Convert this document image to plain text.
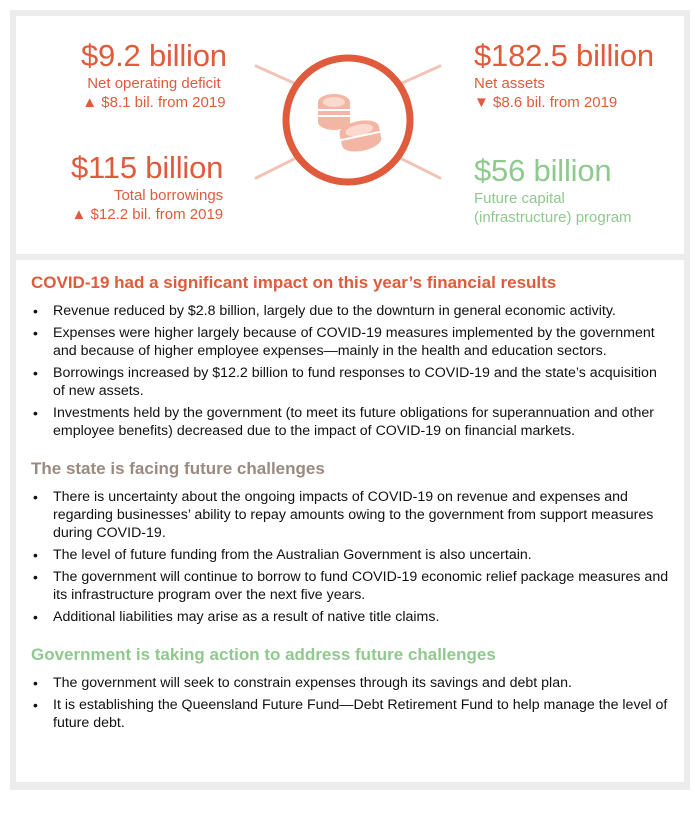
$9.2 billion
Net operating deficit
▲ $8.1 bil. from 2019
$182.5 billion
Net assets
▼ $8.6 bil. from 2019
$115 billion
Total borrowings
▲ $12.2 bil. from 2019
$56 billion
Future capital
(infrastructure) program
COVID-19 had a significant impact on this year’s financial results
• Revenue reduced by $2.8 billion, largely due to the downturn in general economic activity.
• Expenses were higher largely because of COVID-19 measures implemented by the government and because of higher employee expenses—mainly in the health and education sectors.
• Borrowings increased by $12.2 billion to fund responses to COVID-19 and the state’s acquisition of new assets.
• Investments held by the government (to meet its future obligations for superannuation and other employee benefits) decreased due to the impact of COVID-19 on financial markets.
The state is facing future challenges
• There is uncertainty about the ongoing impacts of COVID-19 on revenue and expenses and regarding businesses’ ability to repay amounts owing to the government from support measures during COVID-19.
• The level of future funding from the Australian Government is also uncertain.
• The government will continue to borrow to fund COVID-19 economic relief package measures and its infrastructure program over the next five years.
• Additional liabilities may arise as a result of native title claims.
Government is taking action to address future challenges
• The government will seek to constrain expenses through its savings and debt plan.
• It is establishing the Queensland Future Fund—Debt Retirement Fund to help manage the level of future debt.
